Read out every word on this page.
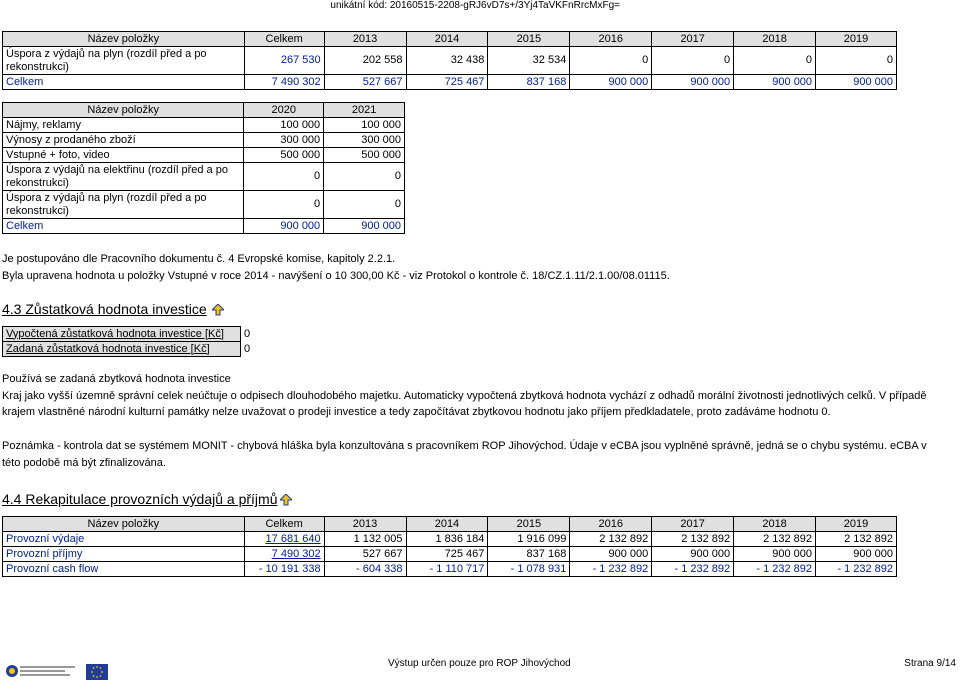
unikátní kód: 20160515-2208-gRJ6vD7s+/3Yj4TaVKFnRrcMxFg=
Název položky	Celkem	2013	2014	2015	2016	2017	2018	2019
Úspora z výdajů na plyn (rozdíl před a po rekonstrukci)	267 530	202 558	32 438	32 534	0	0	0	0
Celkem	7 490 302	527 667	725 467	837 168	900 000	900 000	900 000	900 000
Název položky	2020	2021
Nájmy, reklamy	100 000	100 000
Výnosy z prodaného zboží	300 000	300 000
Vstupné + foto, video	500 000	500 000
Úspora z výdajů na elektřinu (rozdíl před a po rekonstrukci)	0	0
Úspora z výdajů na plyn (rozdíl před a po rekonstrukci)	0	0
Celkem	900 000	900 000
Je postupováno dle Pracovního dokumentu č. 4 Evropské komise, kapitoly 2.2.1.
Byla upravena hodnota u položky Vstupné v roce 2014 - navýšení o 10 300,00 Kč - viz Protokol o kontrole č. 18/CZ.1.11/2.1.00/08.01115.
4.3 Zůstatková hodnota investice
Vypočtená zůstatková hodnota investice [Kč]	0
Zadaná zůstatková hodnota investice [Kč]	0
Používá se zadaná zbytková hodnota investice
Kraj jako vyšší územně správní celek neúčtuje o odpisech dlouhodobého majetku. Automaticky vypočtená zbytková hodnota vychází z odhadů morální životnosti jednotlivých celků. V případě
krajem vlastněné národní kulturní památky nelze uvažovat o prodeji investice a tedy započítávat zbytkovou hodnotu jako příjem předkladatele, proto zadáváme hodnotu 0.
Poznámka - kontrola dat se systémem MONIT - chybová hláška byla konzultována s pracovníkem ROP Jihovýchod. Údaje v eCBA jsou vyplněné správně, jedná se o chybu systému. eCBA v
této podobě má být zfinalizována.
4.4 Rekapitulace provozních výdajů a příjmů
Název položky	Celkem	2013	2014	2015	2016	2017	2018	2019
Provozní výdaje	17 681 640	1 132 005	1 836 184	1 916 099	2 132 892	2 132 892	2 132 892	2 132 892
Provozní příjmy	7 490 302	527 667	725 467	837 168	900 000	900 000	900 000	900 000
Provozní cash flow	- 10 191 338	- 604 338	- 1 110 717	- 1 078 931	- 1 232 892	- 1 232 892	- 1 232 892	- 1 232 892
Výstup určen pouze pro ROP Jihovýchod	Strana 9/14
